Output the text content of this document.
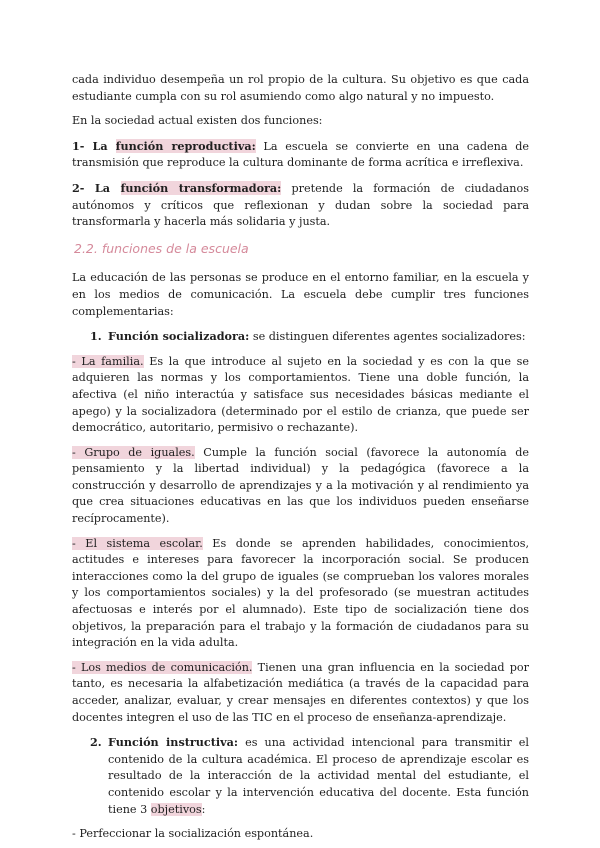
cada individuo desempeña un rol propio de la cultura. Su objetivo es que cada estudiante cumpla con su rol asumiendo como algo natural y no impuesto.

En la sociedad actual existen dos funciones:

1- La función reproductiva: La escuela se convierte en una cadena de transmisión que reproduce la cultura dominante de forma acrítica e irreflexiva.

2- La función transformadora: pretende la formación de ciudadanos autónomos y críticos que reflexionan y dudan sobre la sociedad para transformarla y hacerla más solidaria y justa.

2.2. funciones de la escuela

La educación de las personas se produce en el entorno familiar, en la escuela y en los medios de comunicación. La escuela debe cumplir tres funciones complementarias:

1. Función socializadora: se distinguen diferentes agentes socializadores:

- La familia. Es la que introduce al sujeto en la sociedad y es con la que se adquieren las normas y los comportamientos. Tiene una doble función, la afectiva (el niño interactúa y satisface sus necesidades básicas mediante el apego) y la socializadora (determinado por el estilo de crianza, que puede ser democrático, autoritario, permisivo o rechazante).

- Grupo de iguales. Cumple la función social (favorece la autonomía de pensamiento y la libertad individual) y la pedagógica (favorece a la construcción y desarrollo de aprendizajes y a la motivación y al rendimiento ya que crea situaciones educativas en las que los individuos pueden enseñarse recíprocamente).

- El sistema escolar. Es donde se aprenden habilidades, conocimientos, actitudes e intereses para favorecer la incorporación social. Se producen interacciones como la del grupo de iguales (se comprueban los valores morales y los comportamientos sociales) y la del profesorado (se muestran actitudes afectuosas e interés por el alumnado). Este tipo de socialización tiene dos objetivos, la preparación para el trabajo y la formación de ciudadanos para su integración en la vida adulta.

- Los medios de comunicación. Tienen una gran influencia en la sociedad por tanto, es necesaria la alfabetización mediática (a través de la capacidad para acceder, analizar, evaluar, y crear mensajes en diferentes contextos) y que los docentes integren el uso de las TIC en el proceso de enseñanza-aprendizaje.

2. Función instructiva: es una actividad intencional para transmitir el contenido de la cultura académica. El proceso de aprendizaje escolar es resultado de la interacción de la actividad mental del estudiante, el contenido escolar y la intervención educativa del docente. Esta función tiene 3 objetivos:

- Perfeccionar la socialización espontánea.
